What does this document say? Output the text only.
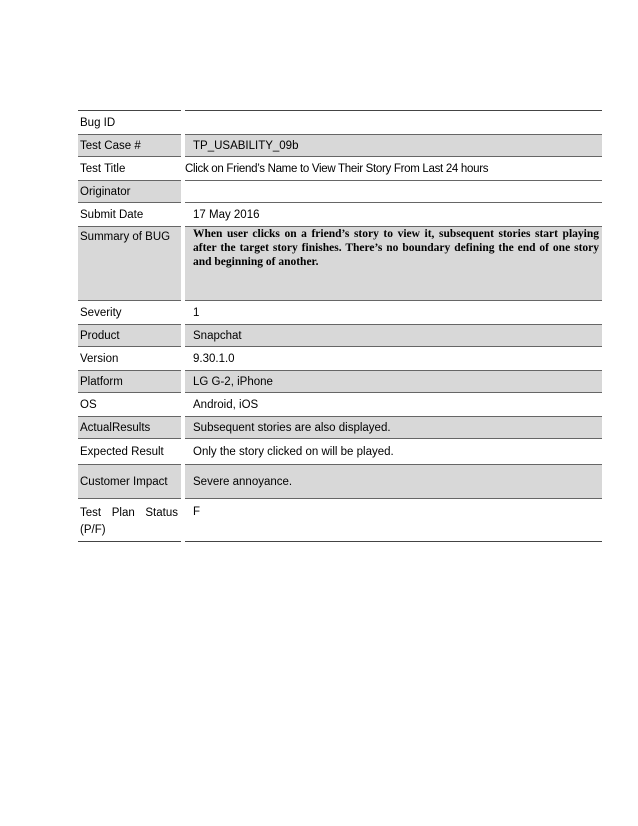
Bug ID	
Test Case #	TP_USABILITY_09b
Test Title	Click on Friend’s Name to View Their Story From Last 24 hours
Originator	
Submit Date	17 May 2016
Summary of BUG	When user clicks on a friend’s story to view it, subsequent stories start playing after the target story finishes. There’s no boundary defining the end of one story and beginning of another.
Severity	1
Product	Snapchat
Version	9.30.1.0
Platform	LG G-2, iPhone
OS	Android, iOS
ActualResults	Subsequent stories are also displayed.
Expected Result	Only the story clicked on will be played.
Customer Impact	Severe annoyance.

Test Plan Status
(P/F)	F
